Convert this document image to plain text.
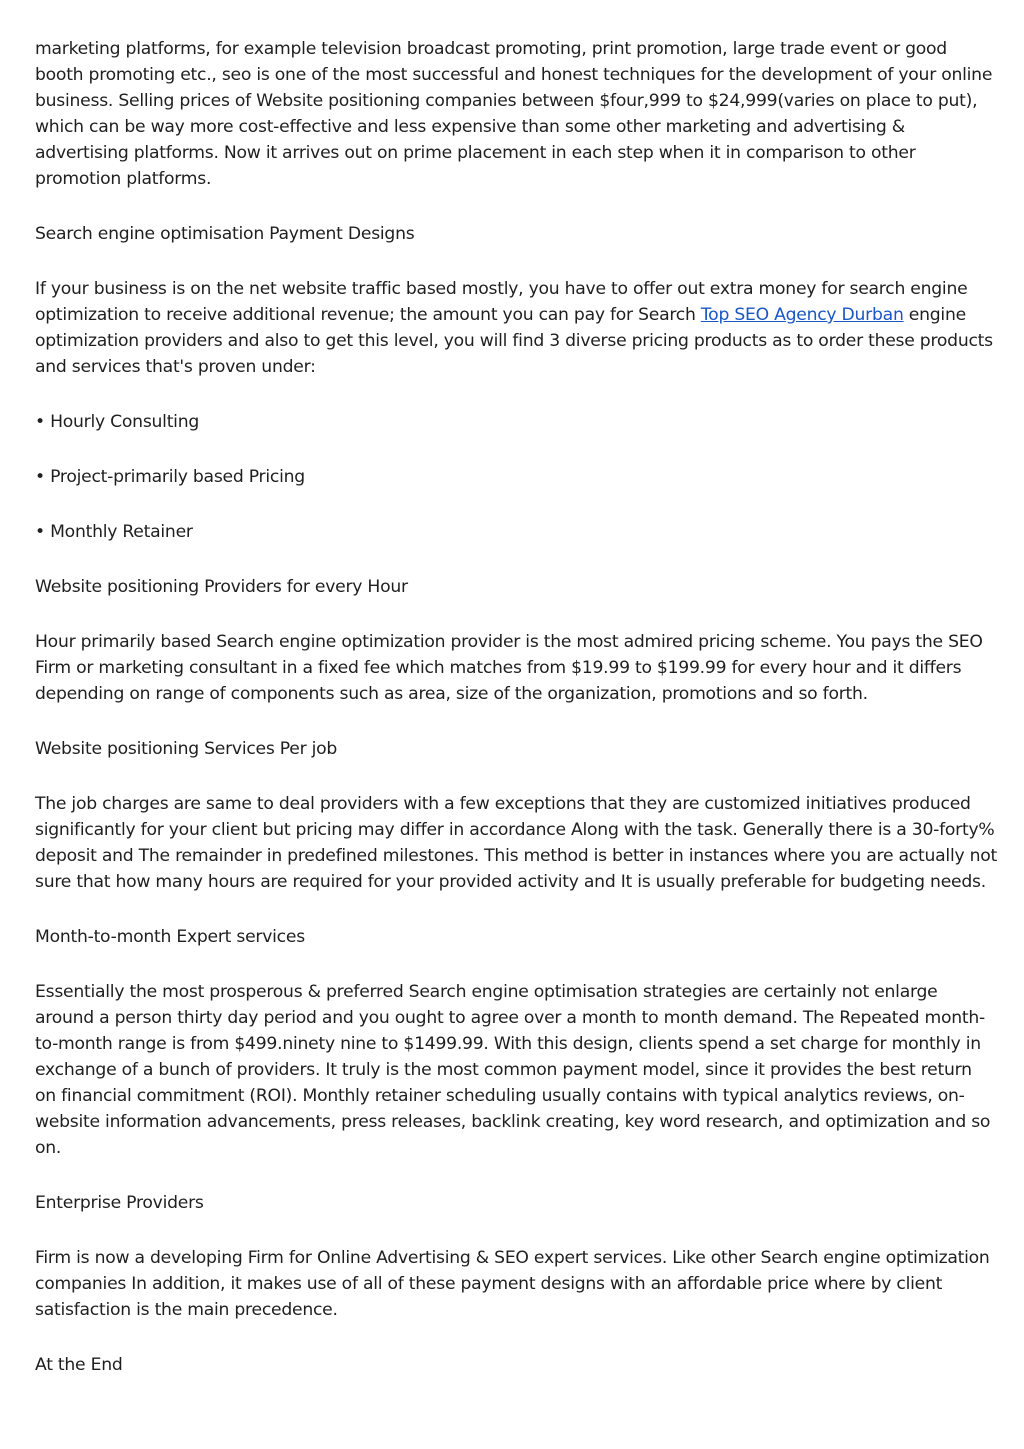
marketing platforms, for example television broadcast promoting, print promotion, large trade event or good booth promoting etc., seo is one of the most successful and honest techniques for the development of your online business. Selling prices of Website positioning companies between $four,999 to $24,999(varies on place to put), which can be way more cost-effective and less expensive than some other marketing and advertising & advertising platforms. Now it arrives out on prime placement in each step when it in comparison to other promotion platforms.

Search engine optimisation Payment Designs

If your business is on the net website traffic based mostly, you have to offer out extra money for search engine optimization to receive additional revenue; the amount you can pay for Search Top SEO Agency Durban engine optimization providers and also to get this level, you will find 3 diverse pricing products as to order these products and services that's proven under:

• Hourly Consulting

• Project-primarily based Pricing

• Monthly Retainer

Website positioning Providers for every Hour

Hour primarily based Search engine optimization provider is the most admired pricing scheme. You pays the SEO Firm or marketing consultant in a fixed fee which matches from $19.99 to $199.99 for every hour and it differs depending on range of components such as area, size of the organization, promotions and so forth.

Website positioning Services Per job

The job charges are same to deal providers with a few exceptions that they are customized initiatives produced significantly for your client but pricing may differ in accordance Along with the task. Generally there is a 30-forty% deposit and The remainder in predefined milestones. This method is better in instances where you are actually not sure that how many hours are required for your provided activity and It is usually preferable for budgeting needs.

Month-to-month Expert services

Essentially the most prosperous & preferred Search engine optimisation strategies are certainly not enlarge around a person thirty day period and you ought to agree over a month to month demand. The Repeated month-to-month range is from $499.ninety nine to $1499.99. With this design, clients spend a set charge for monthly in exchange of a bunch of providers. It truly is the most common payment model, since it provides the best return on financial commitment (ROI). Monthly retainer scheduling usually contains with typical analytics reviews, on-website information advancements, press releases, backlink creating, key word research, and optimization and so on.

Enterprise Providers

Firm is now a developing Firm for Online Advertising & SEO expert services. Like other Search engine optimization companies In addition, it makes use of all of these payment designs with an affordable price where by client satisfaction is the main precedence.

At the End
